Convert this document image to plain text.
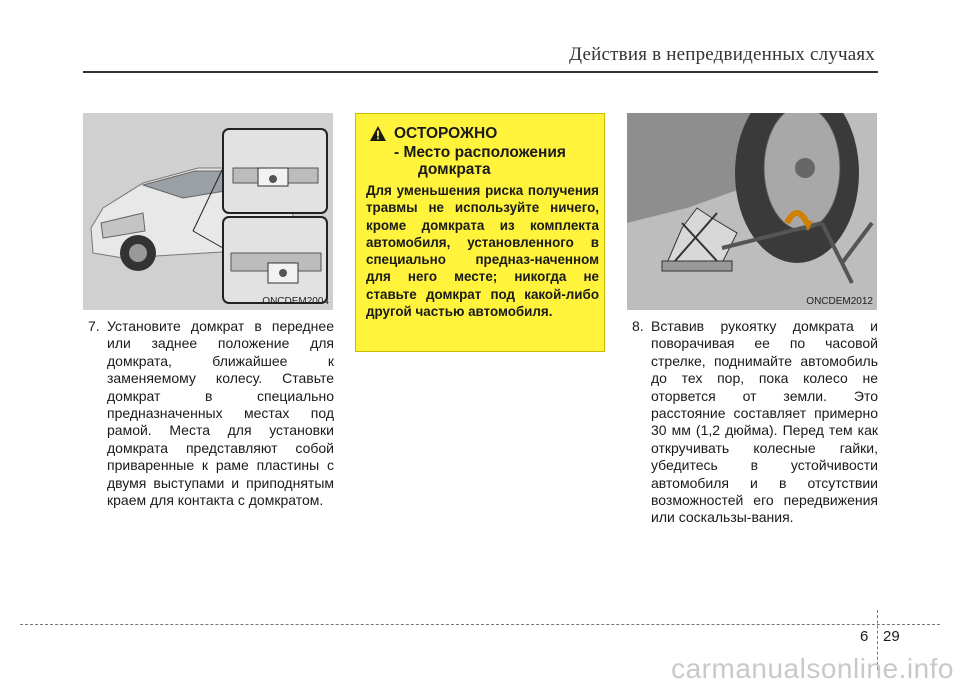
Действия в непредвиденных случаях
ONCDEM2004
7. Установите домкрат в переднее или заднее положение для домкрата, ближайшее к заменяемому колесу. Ставьте домкрат в специально предназначенных местах под рамой. Места для установки домкрата представляют собой приваренные к раме пластины с двумя выступами и приподнятым краем для контакта с домкратом.
ОСТОРОЖНО
- Место расположения
домкрата
Для уменьшения риска получения травмы не используйте ничего, кроме домкрата из комплекта автомобиля, установленного в специально предназ-наченном для него месте; никогда не ставьте домкрат под какой-либо другой частью автомобиля.
ONCDEM2012
8. Вставив рукоятку домкрата и поворачивая ее по часовой стрелке, поднимайте автомобиль до тех пор, пока колесо не оторвется от земли. Это расстояние составляет примерно 30 мм (1,2 дюйма). Перед тем как откручивать колесные гайки, убедитесь в устойчивости автомобиля и в отсутствии возможностей его передвижения или соскальзы-вания.
6 29
carmanualsonline.info
